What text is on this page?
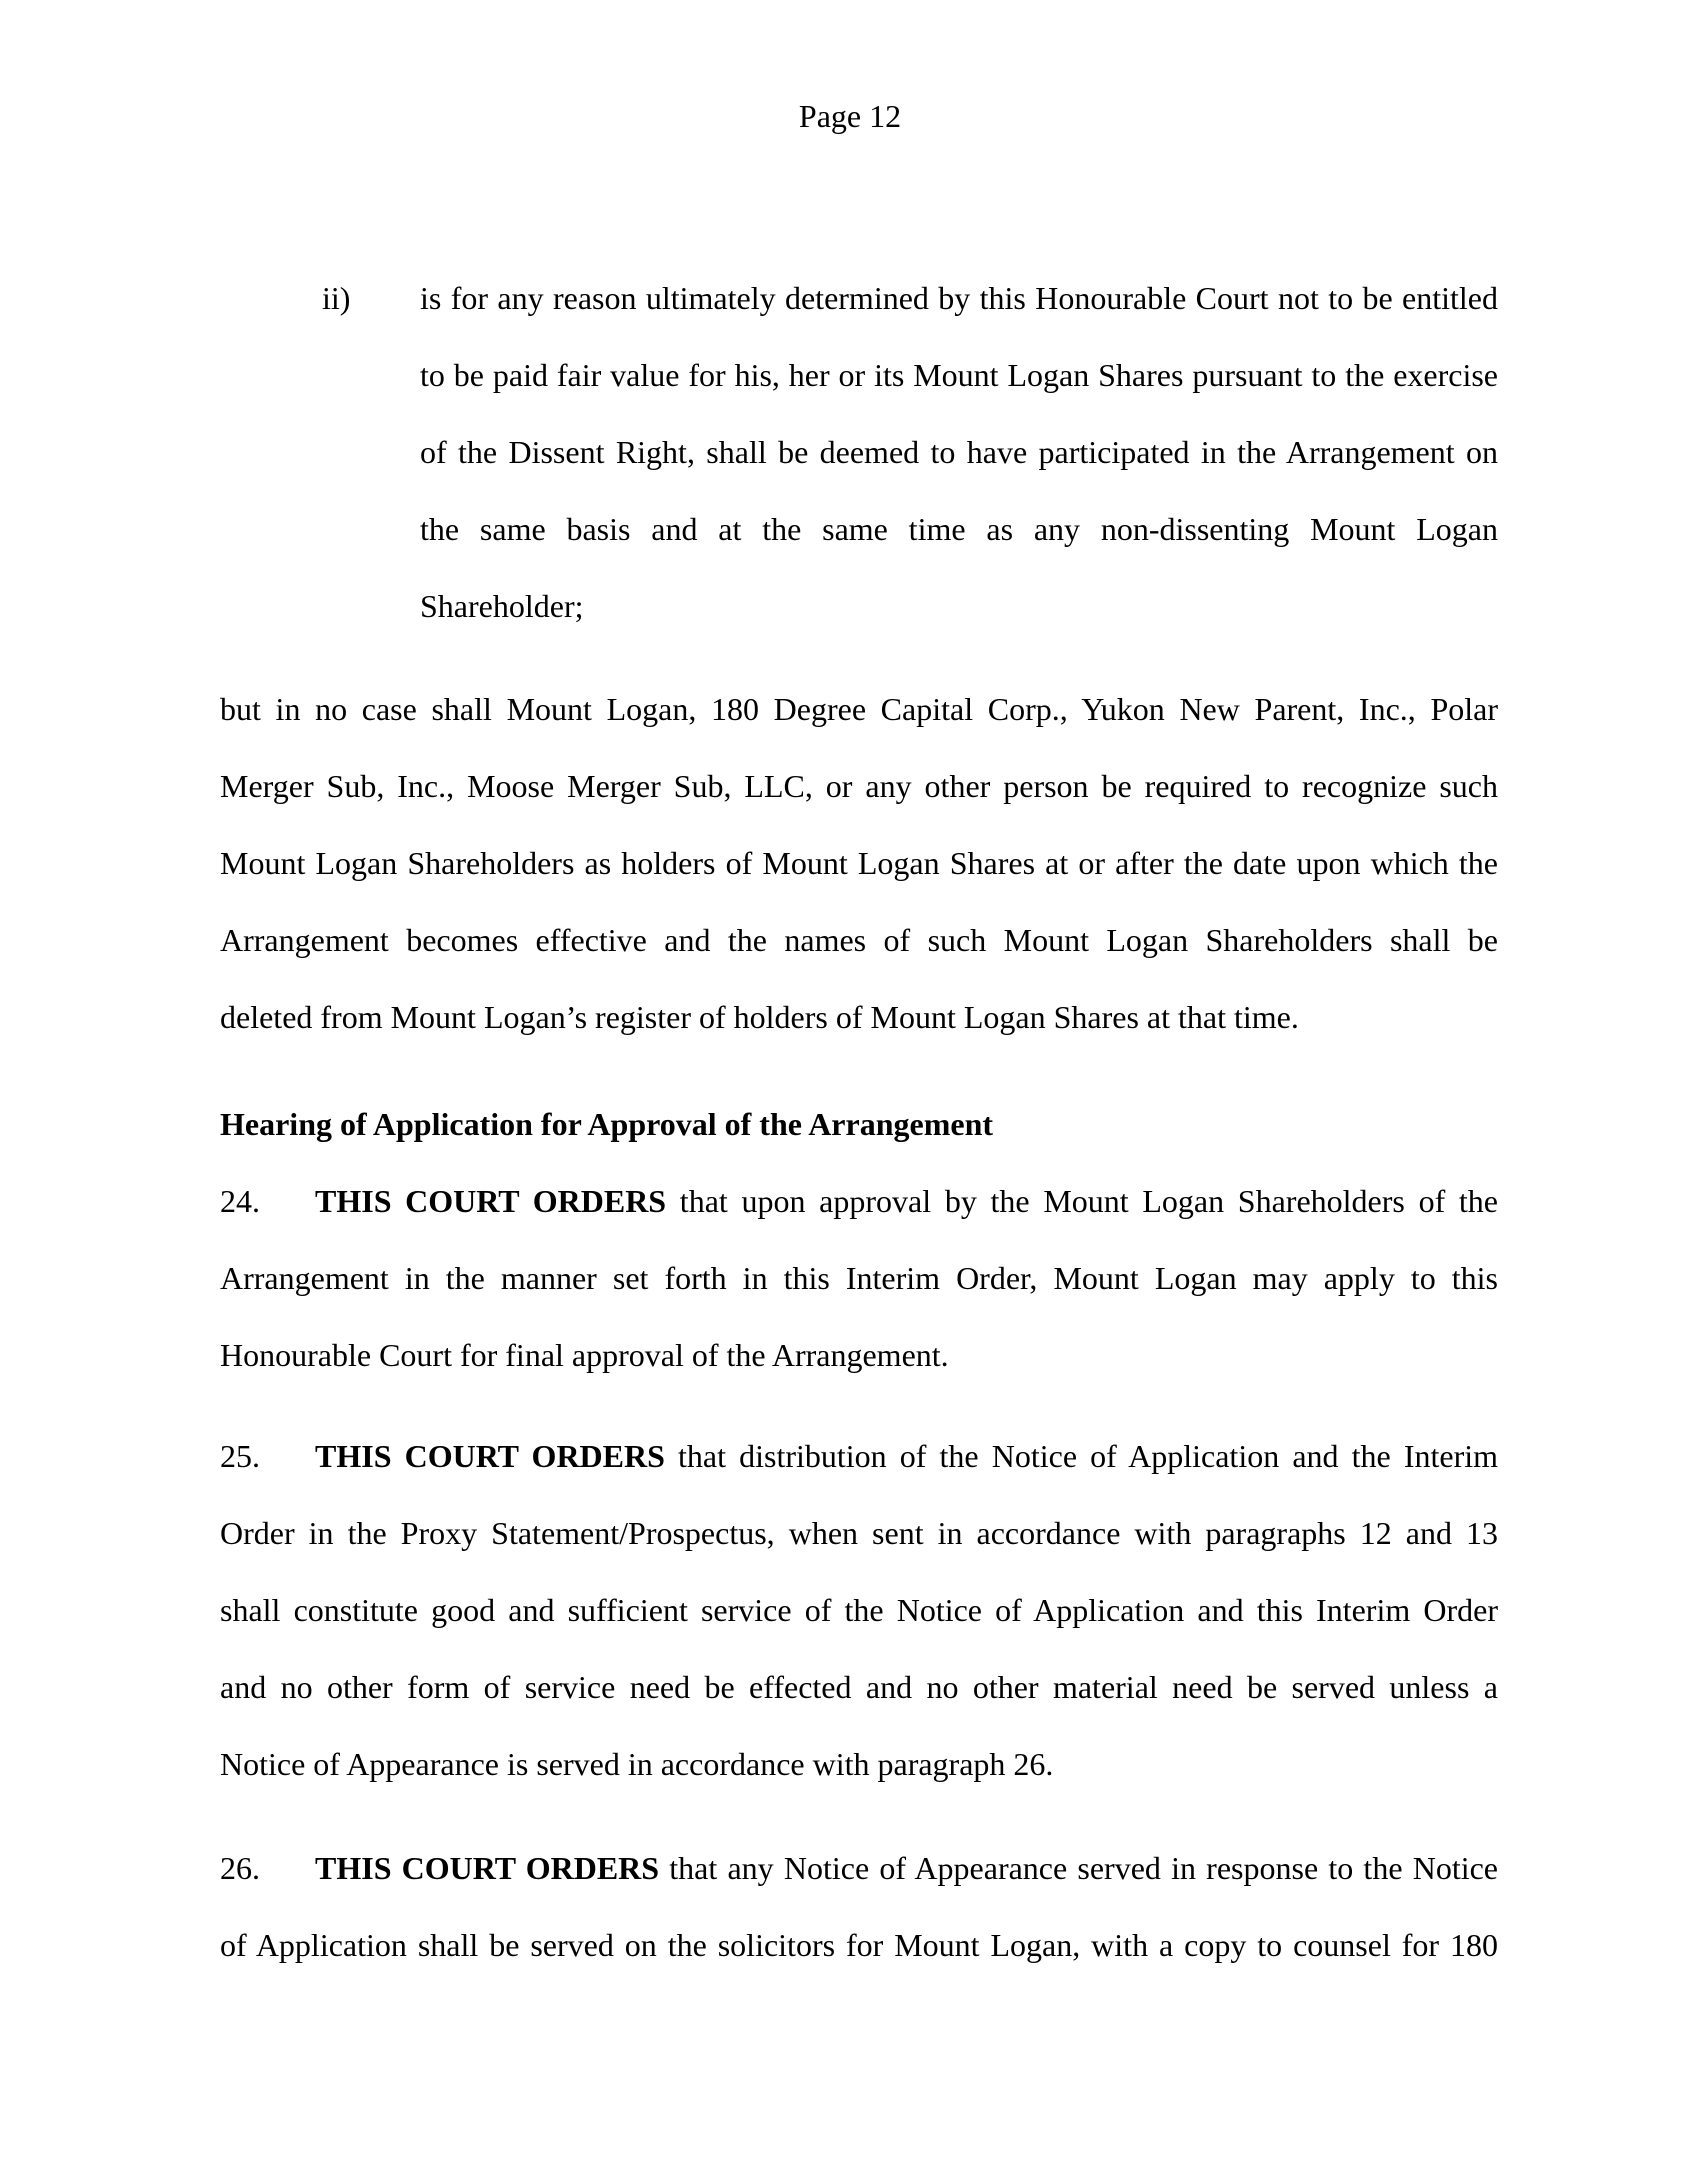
Page 12
ii) is for any reason ultimately determined by this Honourable Court not to be entitled
to be paid fair value for his, her or its Mount Logan Shares pursuant to the exercise
of the Dissent Right, shall be deemed to have participated in the Arrangement on
the same basis and at the same time as any non-dissenting Mount Logan
Shareholder;
but in no case shall Mount Logan, 180 Degree Capital Corp., Yukon New Parent, Inc., Polar
Merger Sub, Inc., Moose Merger Sub, LLC, or any other person be required to recognize such
Mount Logan Shareholders as holders of Mount Logan Shares at or after the date upon which the
Arrangement becomes effective and the names of such Mount Logan Shareholders shall be
deleted from Mount Logan’s register of holders of Mount Logan Shares at that time.
Hearing of Application for Approval of the Arrangement
24. THIS COURT ORDERS that upon approval by the Mount Logan Shareholders of the
Arrangement in the manner set forth in this Interim Order, Mount Logan may apply to this
Honourable Court for final approval of the Arrangement.
25. THIS COURT ORDERS that distribution of the Notice of Application and the Interim
Order in the Proxy Statement/Prospectus, when sent in accordance with paragraphs 12 and 13
shall constitute good and sufficient service of the Notice of Application and this Interim Order
and no other form of service need be effected and no other material need be served unless a
Notice of Appearance is served in accordance with paragraph 26.
26. THIS COURT ORDERS that any Notice of Appearance served in response to the Notice
of Application shall be served on the solicitors for Mount Logan, with a copy to counsel for 180
